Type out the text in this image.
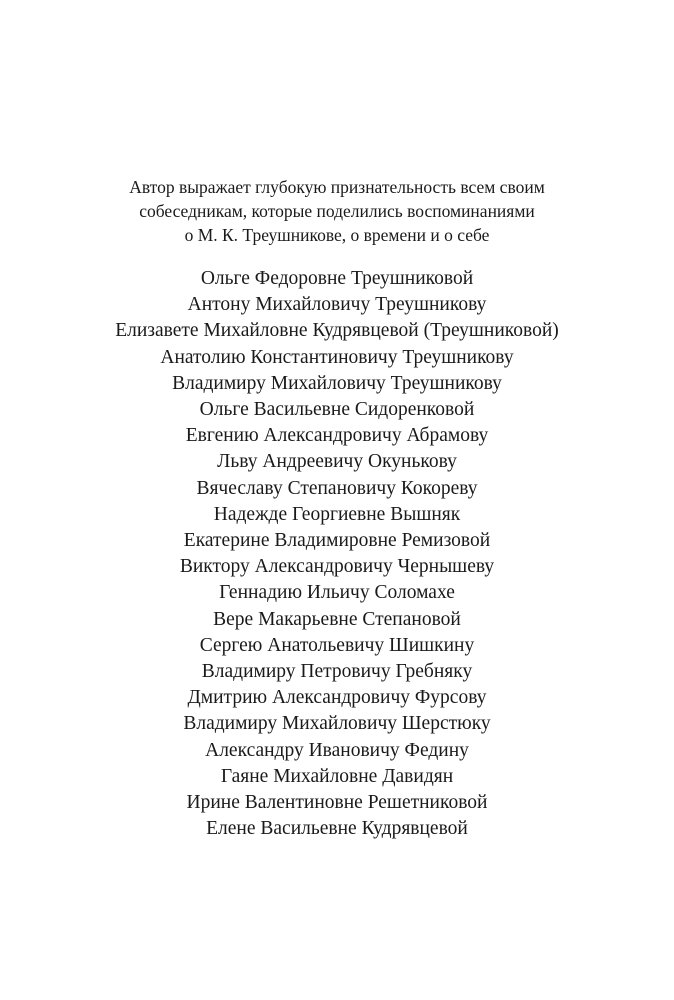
Автор выражает глубокую признательность всем своим
собеседникам, которые поделились воспоминаниями
о М. К. Треушникове, о времени и о себе
Ольге Федоровне Треушниковой
Антону Михайловичу Треушникову
Елизавете Михайловне Кудрявцевой (Треушниковой)
Анатолию Константиновичу Треушникову
Владимиру Михайловичу Треушникову
Ольге Васильевне Сидоренковой
Евгению Александровичу Абрамову
Льву Андреевичу Окунькову
Вячеславу Степановичу Кокореву
Надежде Георгиевне Вышняк
Екатерине Владимировне Ремизовой
Виктору Александровичу Чернышеву
Геннадию Ильичу Соломахе
Вере Макарьевне Степановой
Сергею Анатольевичу Шишкину
Владимиру Петровичу Гребняку
Дмитрию Александровичу Фурсову
Владимиру Михайловичу Шерстюку
Александру Ивановичу Федину
Гаяне Михайловне Давидян
Ирине Валентиновне Решетниковой
Елене Васильевне Кудрявцевой
